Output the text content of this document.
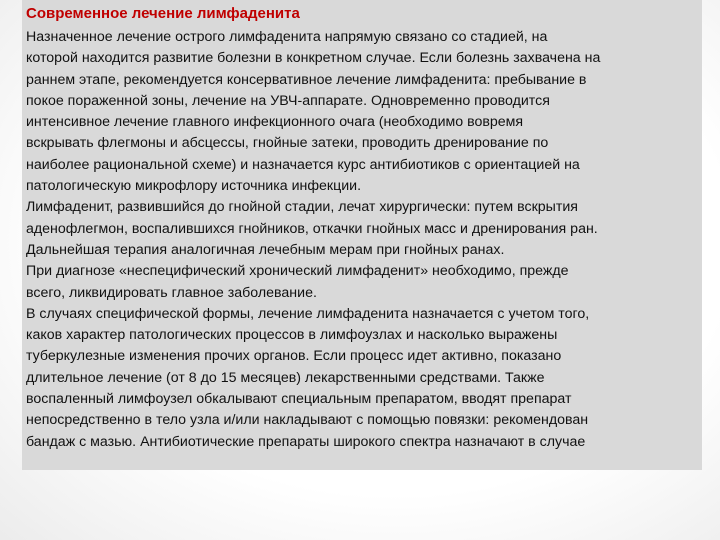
Современное лечение лимфаденита
Назначенное лечение острого лимфаденита напрямую связано со стадией, на
которой находится развитие болезни в конкретном случае. Если болезнь захвачена на
раннем этапе, рекомендуется консервативное лечение лимфаденита: пребывание в
покое пораженной зоны, лечение на УВЧ-аппарате. Одновременно проводится
интенсивное лечение главного инфекционного очага (необходимо вовремя
вскрывать флегмоны и абсцессы, гнойные затеки, проводить дренирование по
наиболее рациональной схеме) и назначается курс антибиотиков с ориентацией на
патологическую микрофлору источника инфекции.
Лимфаденит, развившийся до гнойной стадии, лечат хирургически: путем вскрытия
аденофлегмон, воспалившихся гнойников, откачки гнойных масс и дренирования ран.
Дальнейшая терапия аналогичная лечебным мерам при гнойных ранах.
При диагнозе «неспецифический хронический лимфаденит» необходимо, прежде
всего, ликвидировать главное заболевание.
В случаях специфической формы, лечение лимфаденита назначается с учетом того,
каков характер патологических процессов в лимфоузлах и насколько выражены
туберкулезные изменения прочих органов. Если процесс идет активно, показано
длительное лечение (от 8 до 15 месяцев) лекарственными средствами. Также
воспаленный лимфоузел обкалывают специальным препаратом, вводят препарат
непосредственно в тело узла и/или накладывают с помощью повязки: рекомендован
бандаж с мазью. Антибиотические препараты широкого спектра назначают в случае
